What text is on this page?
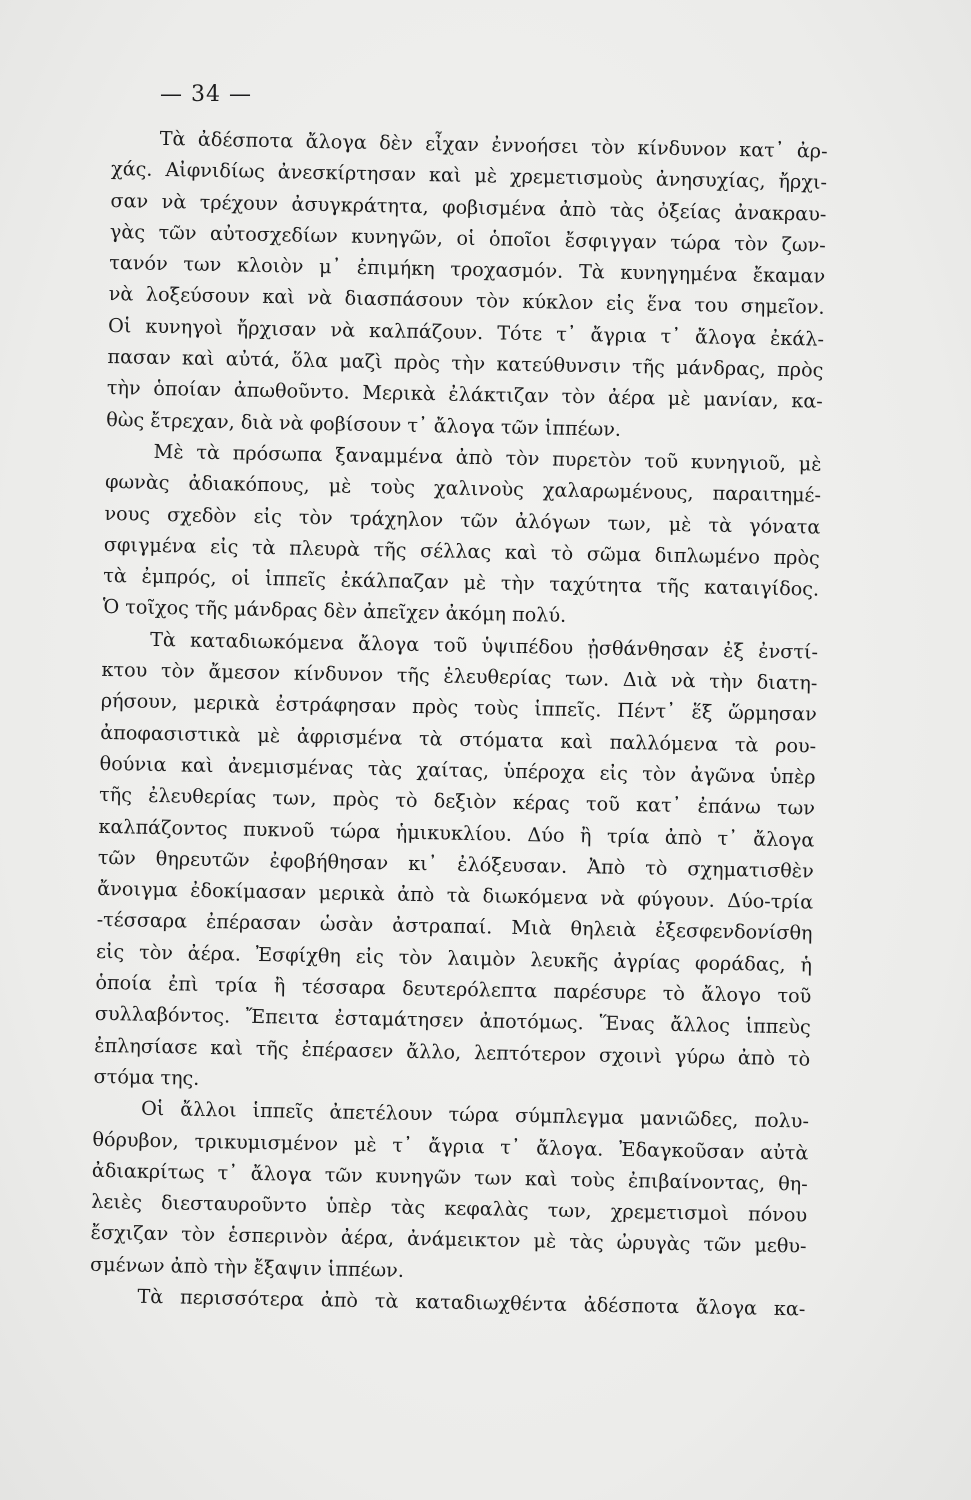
— 34 —
Τὰ ἀδέσποτα ἄλογα δὲν εἶχαν ἐννοήσει τὸν κίνδυνον κατ᾽ ἀρ-
χάς. Αἰφνιδίως ἀνεσκίρτησαν καὶ μὲ χρεμετισμοὺς ἀνησυχίας, ἤρχι-
σαν νὰ τρέχουν ἀσυγκράτητα, φοβισμένα ἀπὸ τὰς ὀξείας ἀνακραυ-
γὰς τῶν αὐτοσχεδίων κυνηγῶν, οἱ ὁποῖοι ἔσφιγγαν τώρα τὸν ζων-
τανόν των κλοιὸν μ᾽ ἐπιμήκη τροχασμόν. Τὰ κυνηγημένα ἔκαμαν
νὰ λοξεύσουν καὶ νὰ διασπάσουν τὸν κύκλον εἰς ἕνα του σημεῖον.
Οἱ κυνηγοὶ ἤρχισαν νὰ καλπάζουν. Τότε τ᾽ ἄγρια τ᾽ ἄλογα ἐκάλ-
πασαν καὶ αὐτά, ὅλα μαζὶ πρὸς τὴν κατεύθυνσιν τῆς μάνδρας, πρὸς
τὴν ὁποίαν ἀπωθοῦντο. Μερικὰ ἐλάκτιζαν τὸν ἀέρα μὲ μανίαν, κα-
θὼς ἔτρεχαν, διὰ νὰ φοβίσουν τ᾽ ἄλογα τῶν ἱππέων.
Μὲ τὰ πρόσωπα ξαναμμένα ἀπὸ τὸν πυρετὸν τοῦ κυνηγιοῦ, μὲ
φωνὰς ἀδιακόπους, μὲ τοὺς χαλινοὺς χαλαρωμένους, παραιτημέ-
νους σχεδὸν εἰς τὸν τράχηλον τῶν ἀλόγων των, μὲ τὰ γόνατα
σφιγμένα εἰς τὰ πλευρὰ τῆς σέλλας καὶ τὸ σῶμα διπλωμένο πρὸς
τὰ ἐμπρός, οἱ ἱππεῖς ἐκάλπαζαν μὲ τὴν ταχύτητα τῆς καταιγίδος.
Ὁ τοῖχος τῆς μάνδρας δὲν ἀπεῖχεν ἀκόμη πολύ.
Τὰ καταδιωκόμενα ἄλογα τοῦ ὑψιπέδου ᾐσθάνθησαν ἐξ ἐνστί-
κτου τὸν ἄμεσον κίνδυνον τῆς ἐλευθερίας των. Διὰ νὰ τὴν διατη-
ρήσουν, μερικὰ ἐστράφησαν πρὸς τοὺς ἱππεῖς. Πέντ᾽ ἕξ ὥρμησαν
ἀποφασιστικὰ μὲ ἀφρισμένα τὰ στόματα καὶ παλλόμενα τὰ ρου-
θούνια καὶ ἀνεμισμένας τὰς χαίτας, ὑπέροχα εἰς τὸν ἀγῶνα ὑπὲρ
τῆς ἐλευθερίας των, πρὸς τὸ δεξιὸν κέρας τοῦ κατ᾽ ἐπάνω των
καλπάζοντος πυκνοῦ τώρα ἡμικυκλίου. Δύο ἢ τρία ἀπὸ τ᾽ ἄλογα
τῶν θηρευτῶν ἐφοβήθησαν κι᾽ ἐλόξευσαν. Ἀπὸ τὸ σχηματισθὲν
ἄνοιγμα ἐδοκίμασαν μερικὰ ἀπὸ τὰ διωκόμενα νὰ φύγουν. Δύο-τρία
-τέσσαρα ἐπέρασαν ὡσὰν ἀστραπαί. Μιὰ θηλειὰ ἐξεσφενδονίσθη
εἰς τὸν ἀέρα. Ἐσφίχθη εἰς τὸν λαιμὸν λευκῆς ἀγρίας φοράδας, ἡ
ὁποία ἐπὶ τρία ἢ τέσσαρα δευτερόλεπτα παρέσυρε τὸ ἄλογο τοῦ
συλλαβόντος. Ἔπειτα ἐσταμάτησεν ἀποτόμως. Ἕνας ἄλλος ἱππεὺς
ἐπλησίασε καὶ τῆς ἐπέρασεν ἄλλο, λεπτότερον σχοινὶ γύρω ἀπὸ τὸ
στόμα της.
Οἱ ἄλλοι ἱππεῖς ἀπετέλουν τώρα σύμπλεγμα μανιῶδες, πολυ-
θόρυβον, τρικυμισμένον μὲ τ᾽ ἄγρια τ᾽ ἄλογα. Ἐδαγκοῦσαν αὐτὰ
ἀδιακρίτως τ᾽ ἄλογα τῶν κυνηγῶν των καὶ τοὺς ἐπιβαίνοντας, θη-
λειὲς διεσταυροῦντο ὑπὲρ τὰς κεφαλὰς των, χρεμετισμοὶ πόνου
ἔσχιζαν τὸν ἑσπερινὸν ἀέρα, ἀνάμεικτον μὲ τὰς ὠρυγὰς τῶν μεθυ-
σμένων ἀπὸ τὴν ἔξαψιν ἱππέων.
Τὰ περισσότερα ἀπὸ τὰ καταδιωχθέντα ἀδέσποτα ἄλογα κα-
